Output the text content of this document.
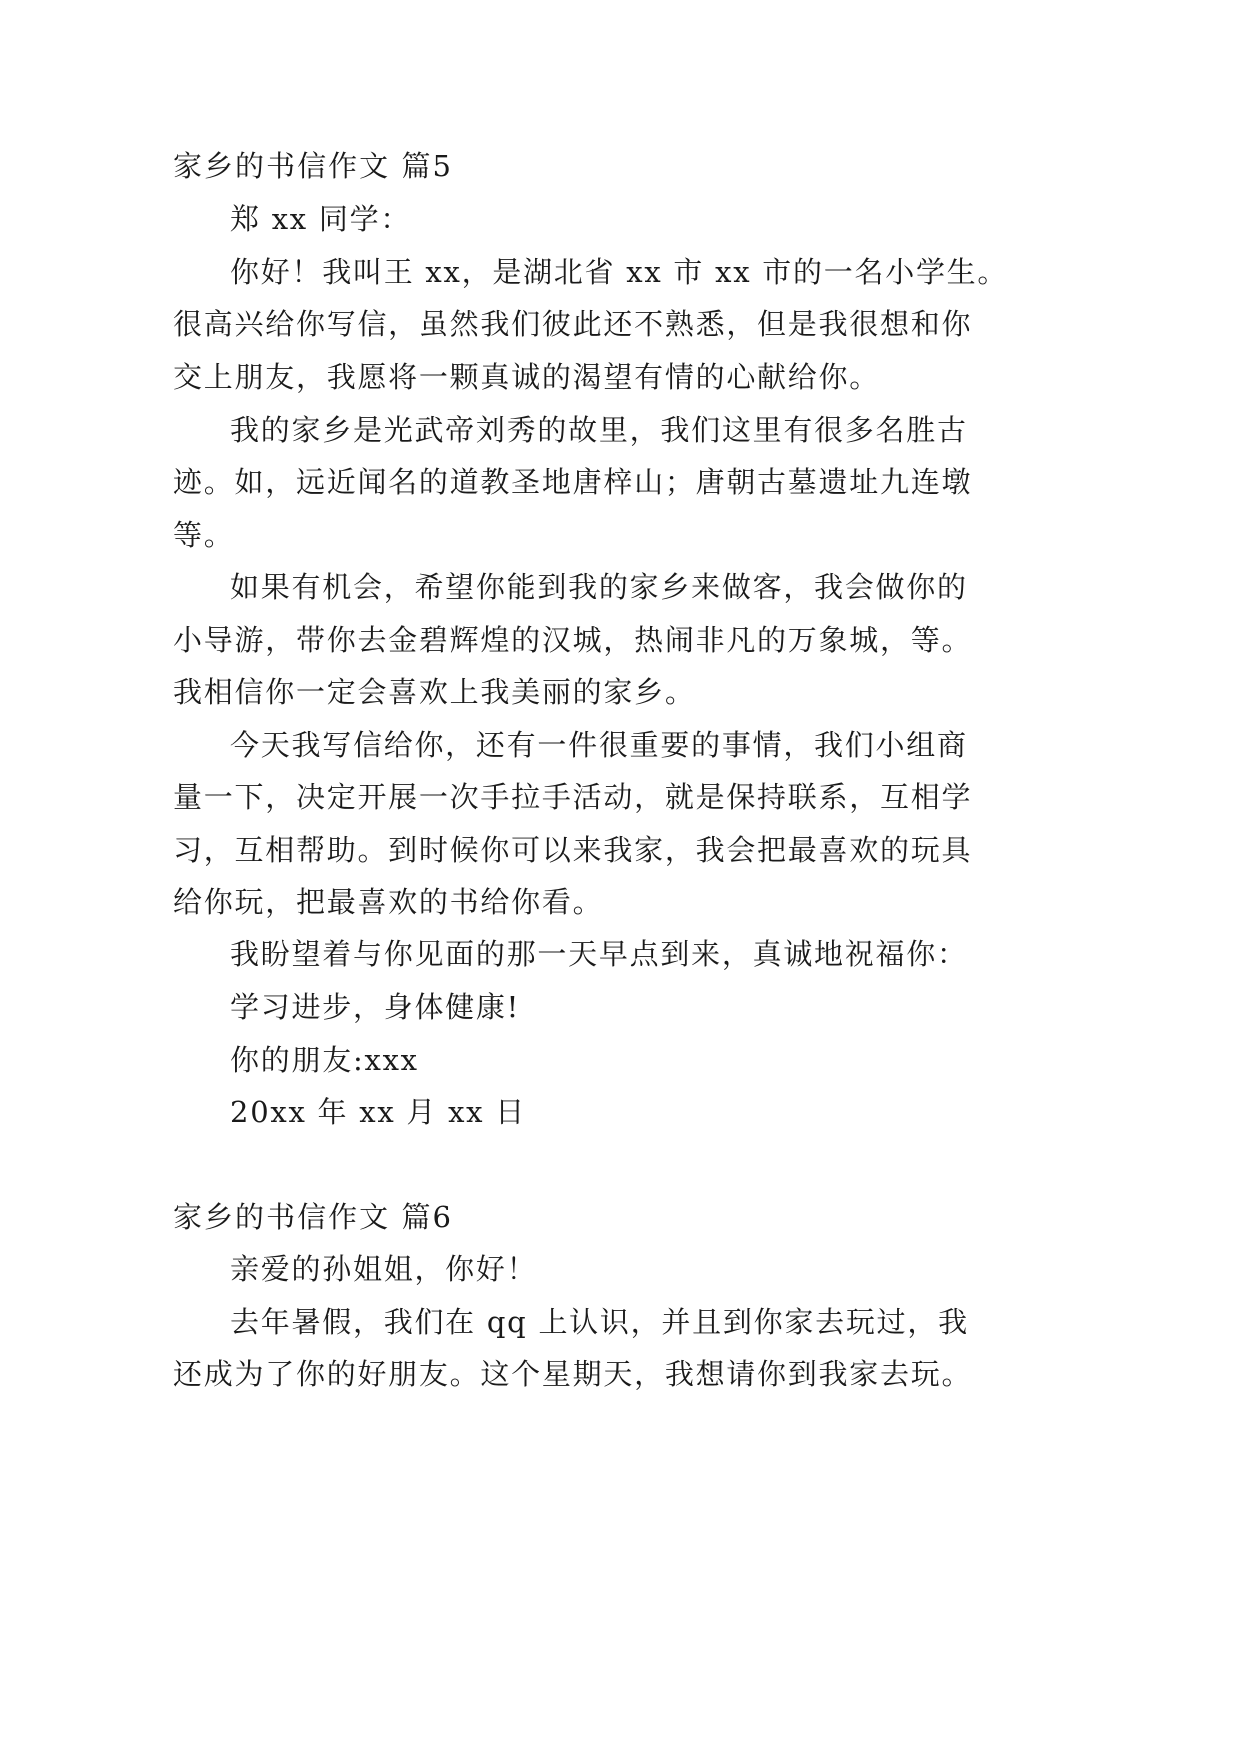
家乡的书信作文 篇5
郑 xx 同学：
你好！我叫王 xx，是湖北省 xx 市 xx 市的一名小学生。
很高兴给你写信，虽然我们彼此还不熟悉，但是我很想和你
交上朋友，我愿将一颗真诚的渴望有情的心献给你。
我的家乡是光武帝刘秀的故里，我们这里有很多名胜古
迹。如，远近闻名的道教圣地唐梓山；唐朝古墓遗址九连墩
等。
如果有机会，希望你能到我的家乡来做客，我会做你的
小导游，带你去金碧辉煌的汉城，热闹非凡的万象城，等。
我相信你一定会喜欢上我美丽的家乡。
今天我写信给你，还有一件很重要的事情，我们小组商
量一下，决定开展一次手拉手活动，就是保持联系，互相学
习，互相帮助。到时候你可以来我家，我会把最喜欢的玩具
给你玩，把最喜欢的书给你看。
我盼望着与你见面的那一天早点到来，真诚地祝福你：
学习进步，身体健康!
你的朋友:xxx
20xx 年 xx 月 xx 日
家乡的书信作文 篇6
亲爱的孙姐姐，你好！
去年暑假，我们在 qq 上认识，并且到你家去玩过，我
还成为了你的好朋友。这个星期天，我想请你到我家去玩。
